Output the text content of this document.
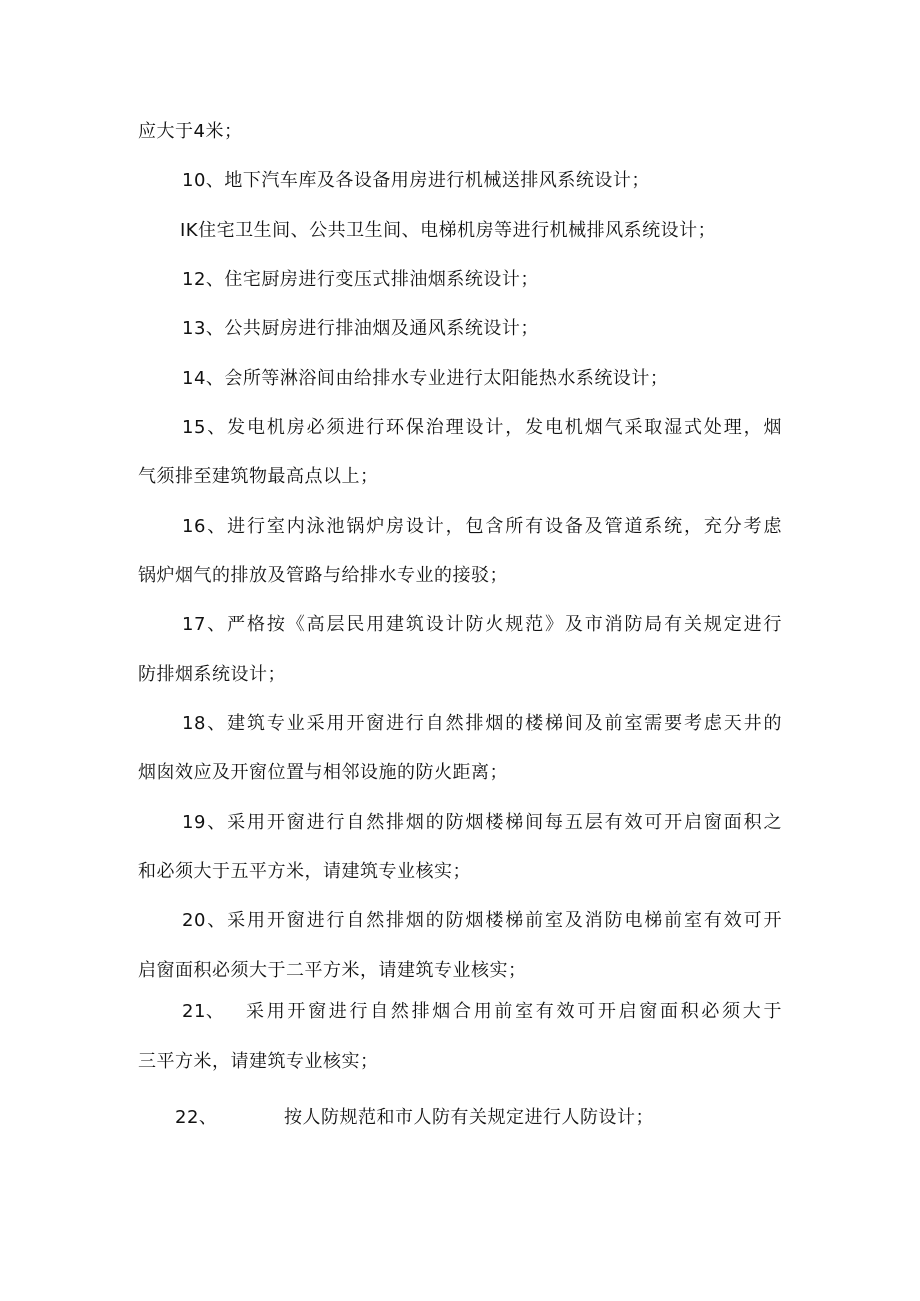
应大于4米；
10、地下汽车库及各设备用房进行机械送排风系统设计；
IK住宅卫生间、公共卫生间、电梯机房等进行机械排风系统设计；
12、住宅厨房进行变压式排油烟系统设计；
13、公共厨房进行排油烟及通风系统设计；
14、会所等淋浴间由给排水专业进行太阳能热水系统设计；
15、发电机房必须进行环保治理设计，发电机烟气采取湿式处理，烟
气须排至建筑物最高点以上；
16、进行室内泳池锅炉房设计，包含所有设备及管道系统，充分考虑
锅炉烟气的排放及管路与给排水专业的接驳；
17、严格按《高层民用建筑设计防火规范》及市消防局有关规定进行
防排烟系统设计；
18、建筑专业采用开窗进行自然排烟的楼梯间及前室需要考虑天井的
烟囱效应及开窗位置与相邻设施的防火距离；
19、采用开窗进行自然排烟的防烟楼梯间每五层有效可开启窗面积之
和必须大于五平方米，请建筑专业核实；
20、采用开窗进行自然排烟的防烟楼梯前室及消防电梯前室有效可开
启窗面积必须大于二平方米，请建筑专业核实；
21、 采用开窗进行自然排烟合用前室有效可开启窗面积必须大于
三平方米，请建筑专业核实；
22、	按人防规范和市人防有关规定进行人防设计；
